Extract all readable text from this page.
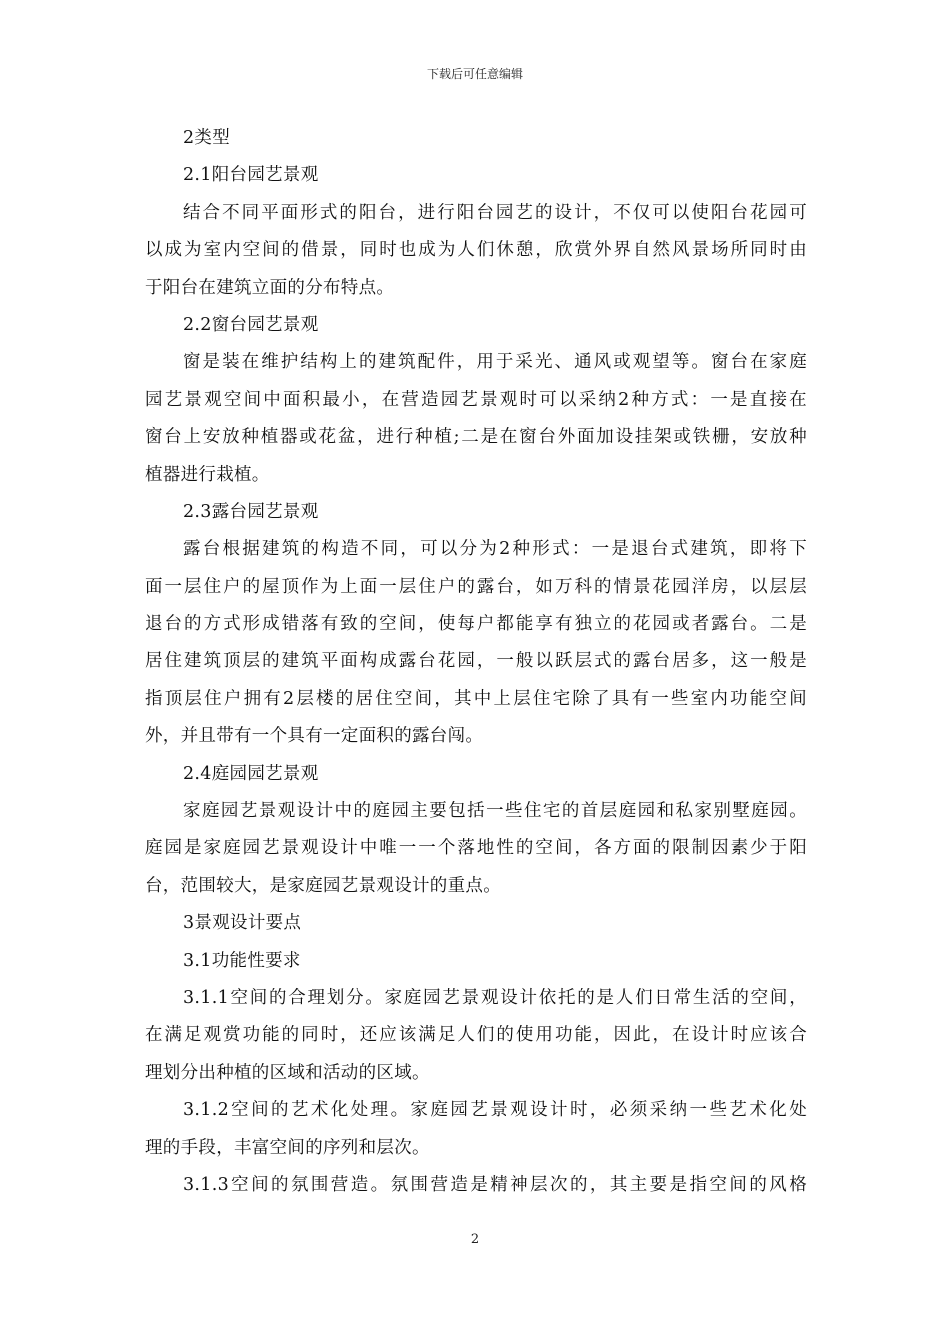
下载后可任意编辑
2类型
2.1阳台园艺景观
结合不同平面形式的阳台，进行阳台园艺的设计，不仅可以使阳台花园可
以成为室内空间的借景，同时也成为人们休憩，欣赏外界自然风景场所同时由
于阳台在建筑立面的分布特点。
2.2窗台园艺景观
窗是装在维护结构上的建筑配件，用于采光、通风或观望等。窗台在家庭
园艺景观空间中面积最小，在营造园艺景观时可以采纳2种方式：一是直接在
窗台上安放种植器或花盆，进行种植;二是在窗台外面加设挂架或铁栅，安放种
植器进行栽植。
2.3露台园艺景观
露台根据建筑的构造不同，可以分为2种形式：一是退台式建筑，即将下
面一层住户的屋顶作为上面一层住户的露台，如万科的情景花园洋房，以层层
退台的方式形成错落有致的空间，使每户都能享有独立的花园或者露台。二是
居住建筑顶层的建筑平面构成露台花园，一般以跃层式的露台居多，这一般是
指顶层住户拥有2层楼的居住空间，其中上层住宅除了具有一些室内功能空间
外，并且带有一个具有一定面积的露台闯。
2.4庭园园艺景观
家庭园艺景观设计中的庭园主要包括一些住宅的首层庭园和私家别墅庭园。
庭园是家庭园艺景观设计中唯一一个落地性的空间，各方面的限制因素少于阳
台，范围较大，是家庭园艺景观设计的重点。
3景观设计要点
3.1功能性要求
3.1.1空间的合理划分。家庭园艺景观设计依托的是人们日常生活的空间，
在满足观赏功能的同时，还应该满足人们的使用功能，因此，在设计时应该合
理划分出种植的区域和活动的区域。
3.1.2空间的艺术化处理。家庭园艺景观设计时，必须采纳一些艺术化处
理的手段，丰富空间的序列和层次。
3.1.3空间的氛围营造。氛围营造是精神层次的，其主要是指空间的风格
2
